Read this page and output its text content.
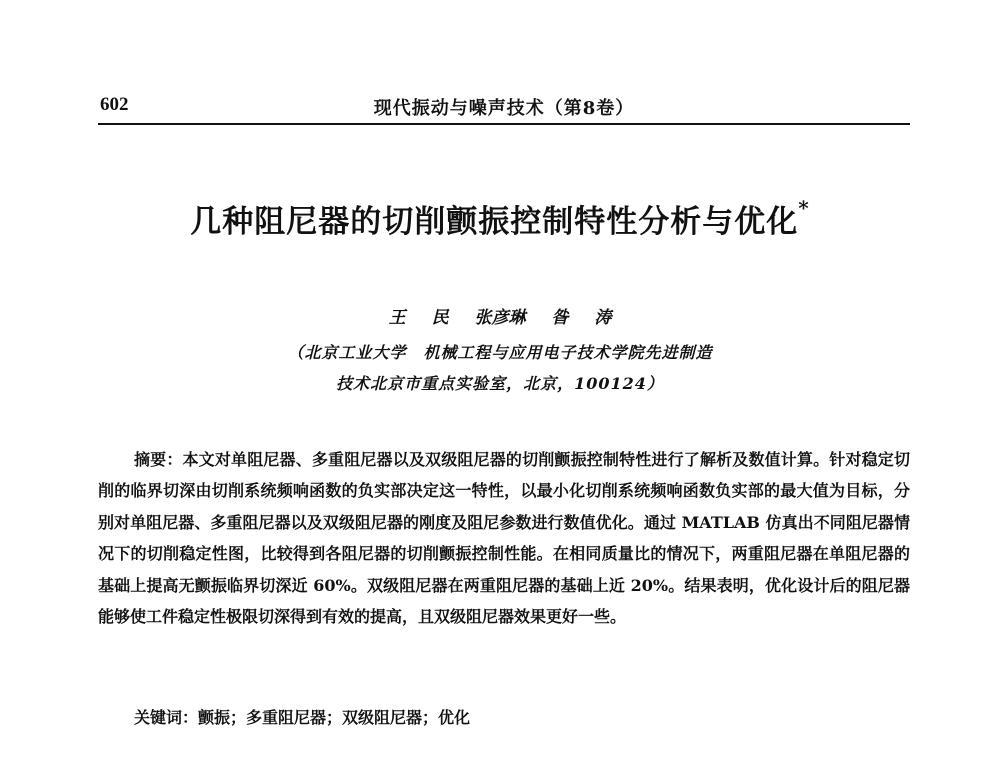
602	现代振动与噪声技术（第8卷）
几种阻尼器的切削颤振控制特性分析与优化*
王 民 张彦琳 昝 涛
（北京工业大学　机械工程与应用电子技术学院先进制造
技术北京市重点实验室，北京，100124）

摘要：本文对单阻尼器、多重阻尼器以及双级阻尼器的切削颤振控制特性进行了解析及数值计算。针对稳定切削的临界切深由切削系统频响函数的负实部决定这一特性，以最小化切削系统频响函数负实部的最大值为目标，分别对单阻尼器、多重阻尼器以及双级阻尼器的刚度及阻尼参数进行数值优化。通过 MATLAB 仿真出不同阻尼器情况下的切削稳定性图，比较得到各阻尼器的切削颤振控制性能。在相同质量比的情况下，两重阻尼器在单阻尼器的基础上提高无颤振临界切深近 60%。双级阻尼器在两重阻尼器的基础上近 20%。结果表明，优化设计后的阻尼器能够使工件稳定性极限切深得到有效的提高，且双级阻尼器效果更好一些。

关键词：颤振；多重阻尼器；双级阻尼器；优化
